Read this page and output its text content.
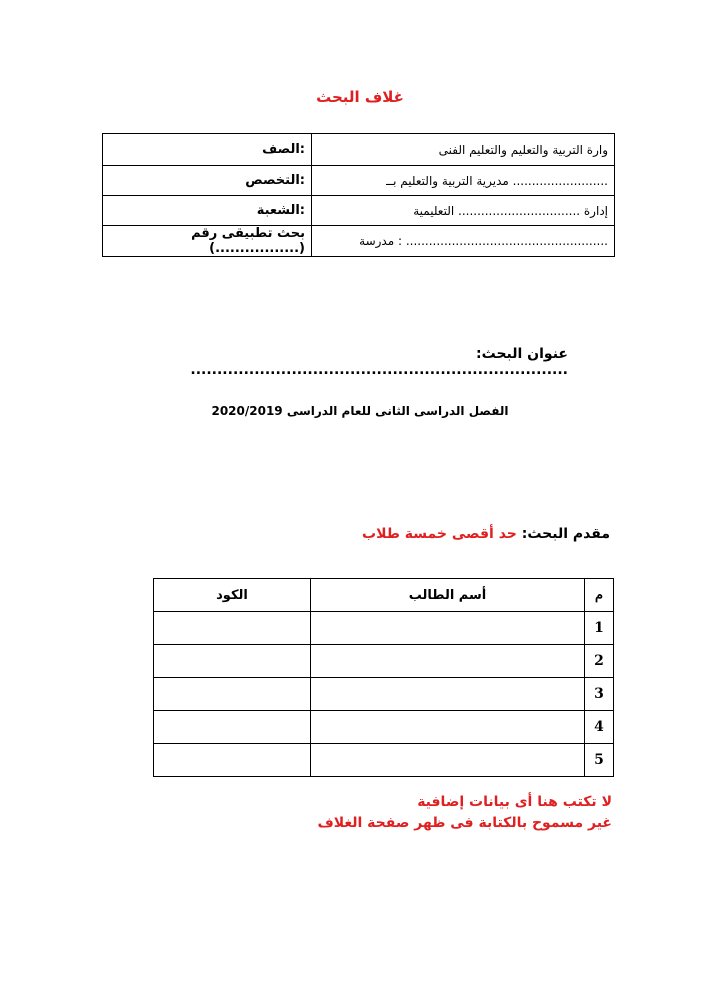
غلاف البحث
الصف:	وارة التربية والتعليم والتعليم الفنى
التخصص:	مديرية التربية والتعليم بــ .........................
الشعبة:	إدارة ................................ التعليمية
بحث تطبيقى رقم (.................)	مدرسة : .....................................................
عنوان البحث: .......................................................................
الفصل الدراسى الثانى للعام الدراسى 2020/2019
مقدم البحث: حد أقصى خمسة طلاب
الكود	أسم الطالب	م
		1
		2
		3
		4
		5
لا تكتب هنا أى بيانات إضافية
غير مسموح بالكتابة فى ظهر صفحة الغلاف
